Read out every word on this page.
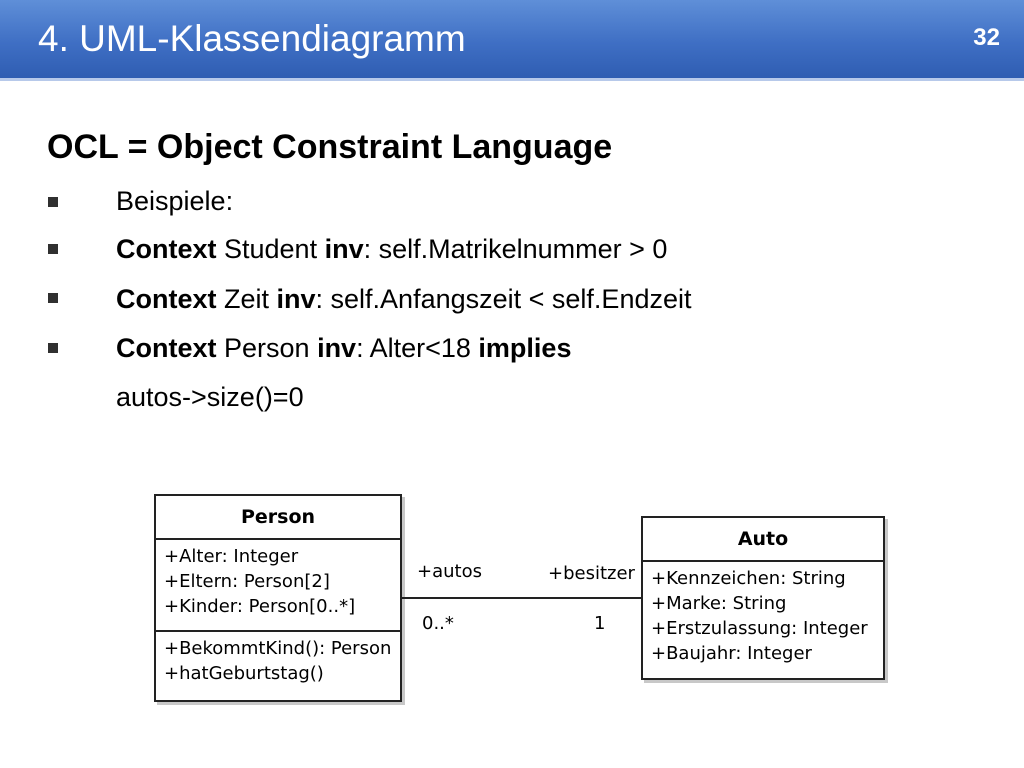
4. UML-Klassendiagramm	32
OCL = Object Constraint Language
Beispiele:
Context Student inv: self.Matrikelnummer > 0
Context Zeit inv: self.Anfangszeit < self.Endzeit
Context Person inv: Alter<18 implies
autos->size()=0
Person
+Alter: Integer
+Eltern: Person[2]
+Kinder: Person[0..*]
+BekommtKind(): Person
+hatGeburtstag()
Auto
+Kennzeichen: String
+Marke: String
+Erstzulassung: Integer
+Baujahr: Integer
+autos	+besitzer
0..*	1
